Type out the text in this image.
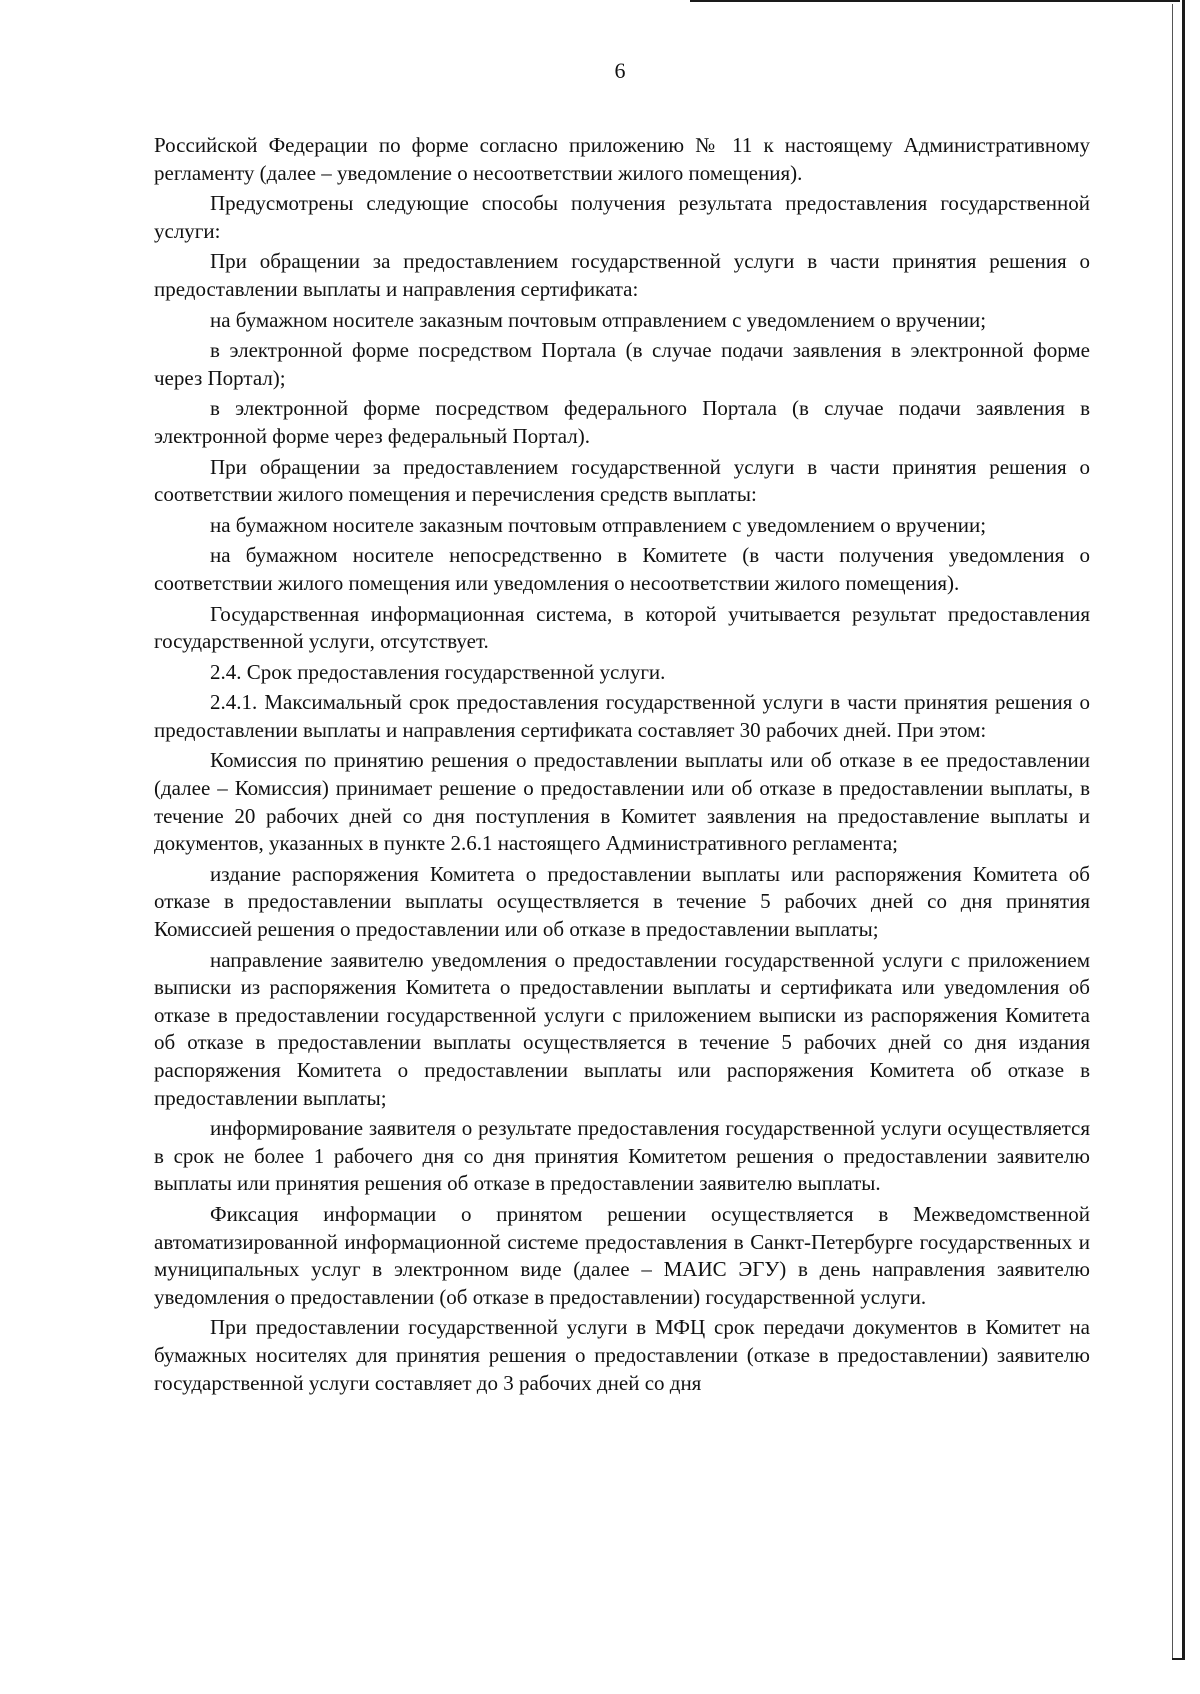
6

Российской Федерации по форме согласно приложению № 11 к настоящему Административному регламенту (далее – уведомление о несоответствии жилого помещения).

Предусмотрены следующие способы получения результата предоставления государственной услуги:

При обращении за предоставлением государственной услуги в части принятия решения о предоставлении выплаты и направления сертификата:

на бумажном носителе заказным почтовым отправлением с уведомлением о вручении;

в электронной форме посредством Портала (в случае подачи заявления в электронной форме через Портал);

в электронной форме посредством федерального Портала (в случае подачи заявления в электронной форме через федеральный Портал).

При обращении за предоставлением государственной услуги в части принятия решения о соответствии жилого помещения и перечисления средств выплаты:

на бумажном носителе заказным почтовым отправлением с уведомлением о вручении;

на бумажном носителе непосредственно в Комитете (в части получения уведомления о соответствии жилого помещения или уведомления о несоответствии жилого помещения).

Государственная информационная система, в которой учитывается результат предоставления государственной услуги, отсутствует.

2.4. Срок предоставления государственной услуги.

2.4.1. Максимальный срок предоставления государственной услуги в части принятия решения о предоставлении выплаты и направления сертификата составляет 30 рабочих дней. При этом:

Комиссия по принятию решения о предоставлении выплаты или об отказе в ее предоставлении (далее – Комиссия) принимает решение о предоставлении или об отказе в предоставлении выплаты, в течение 20 рабочих дней со дня поступления в Комитет заявления на предоставление выплаты и документов, указанных в пункте 2.6.1 настоящего Административного регламента;

издание распоряжения Комитета о предоставлении выплаты или распоряжения Комитета об отказе в предоставлении выплаты осуществляется в течение 5 рабочих дней со дня принятия Комиссией решения о предоставлении или об отказе в предоставлении выплаты;

направление заявителю уведомления о предоставлении государственной услуги с приложением выписки из распоряжения Комитета о предоставлении выплаты и сертификата или уведомления об отказе в предоставлении государственной услуги с приложением выписки из распоряжения Комитета об отказе в предоставлении выплаты осуществляется в течение 5 рабочих дней со дня издания распоряжения Комитета о предоставлении выплаты или распоряжения Комитета об отказе в предоставлении выплаты;

информирование заявителя о результате предоставления государственной услуги осуществляется в срок не более 1 рабочего дня со дня принятия Комитетом решения о предоставлении заявителю выплаты или принятия решения об отказе в предоставлении заявителю выплаты.

Фиксация информации о принятом решении осуществляется в Межведомственной автоматизированной информационной системе предоставления в Санкт-Петербурге государственных и муниципальных услуг в электронном виде (далее – МАИС ЭГУ) в день направления заявителю уведомления о предоставлении (об отказе в предоставлении) государственной услуги.

При предоставлении государственной услуги в МФЦ срок передачи документов в Комитет на бумажных носителях для принятия решения о предоставлении (отказе в предоставлении) заявителю государственной услуги составляет до 3 рабочих дней со дня
